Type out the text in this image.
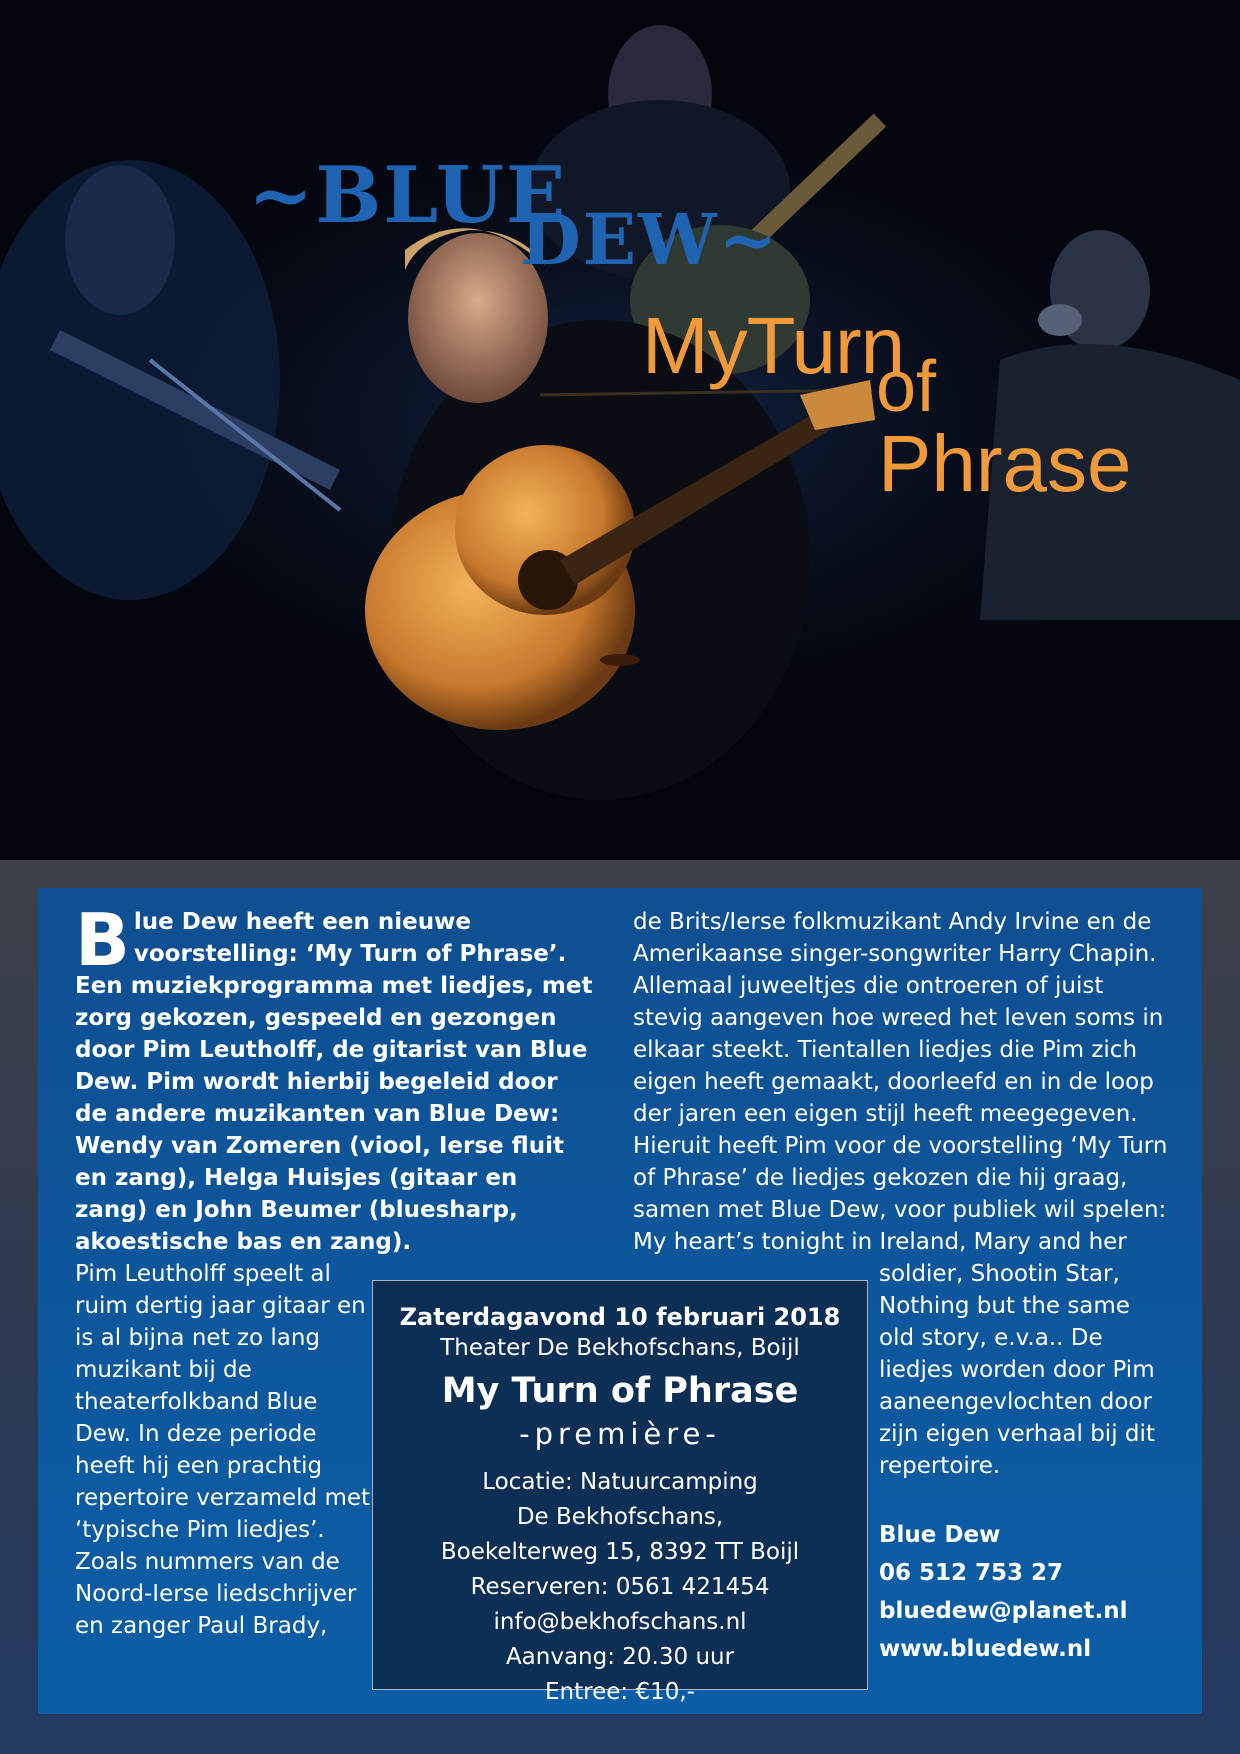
~BLUE
DEW~
MyTurn
of
Phrase
Blue Dew heeft een nieuwe voorstelling: ‘My Turn of Phrase’. Een muziekprogramma met liedjes, met zorg gekozen, gespeeld en gezongen door Pim Leutholff, de gitarist van Blue Dew. Pim wordt hierbij begeleid door de andere muzikanten van Blue Dew: Wendy van Zomeren (viool, Ierse fluit en zang), Helga Huisjes (gitaar en zang) en John Beumer (bluesharp, akoestische bas en zang).
Pim Leutholff speelt al ruim dertig jaar gitaar en is al bijna net zo lang muzikant bij de theaterfolkband Blue Dew. In deze periode heeft hij een prachtig repertoire verzameld met ‘typische Pim liedjes’. Zoals nummers van de Noord-Ierse liedschrijver en zanger Paul Brady,
de Brits/Ierse folkmuzikant Andy Irvine en de Amerikaanse singer-songwriter Harry Chapin. Allemaal juweeltjes die ontroeren of juist stevig aangeven hoe wreed het leven soms in elkaar steekt. Tientallen liedjes die Pim zich eigen heeft gemaakt, doorleefd en in de loop der jaren een eigen stijl heeft meegegeven. Hieruit heeft Pim voor de voorstelling ‘My Turn of Phrase’ de liedjes gekozen die hij graag, samen met Blue Dew, voor publiek wil spelen: My heart’s tonight in Ireland, Mary and her
soldier, Shootin Star, Nothing but the same old story, e.v.a.. De liedjes worden door Pim aaneengevlochten door zijn eigen verhaal bij dit repertoire.
Blue Dew
06 512 753 27
bluedew@planet.nl
www.bluedew.nl
Zaterdagavond 10 februari 2018
Theater De Bekhofschans, Boijl
My Turn of Phrase
-première-
Locatie: Natuurcamping
De Bekhofschans,
Boekelterweg 15, 8392 TT Boijl
Reserveren: 0561 421454
info@bekhofschans.nl
Aanvang: 20.30 uur
Entree: €10,-
